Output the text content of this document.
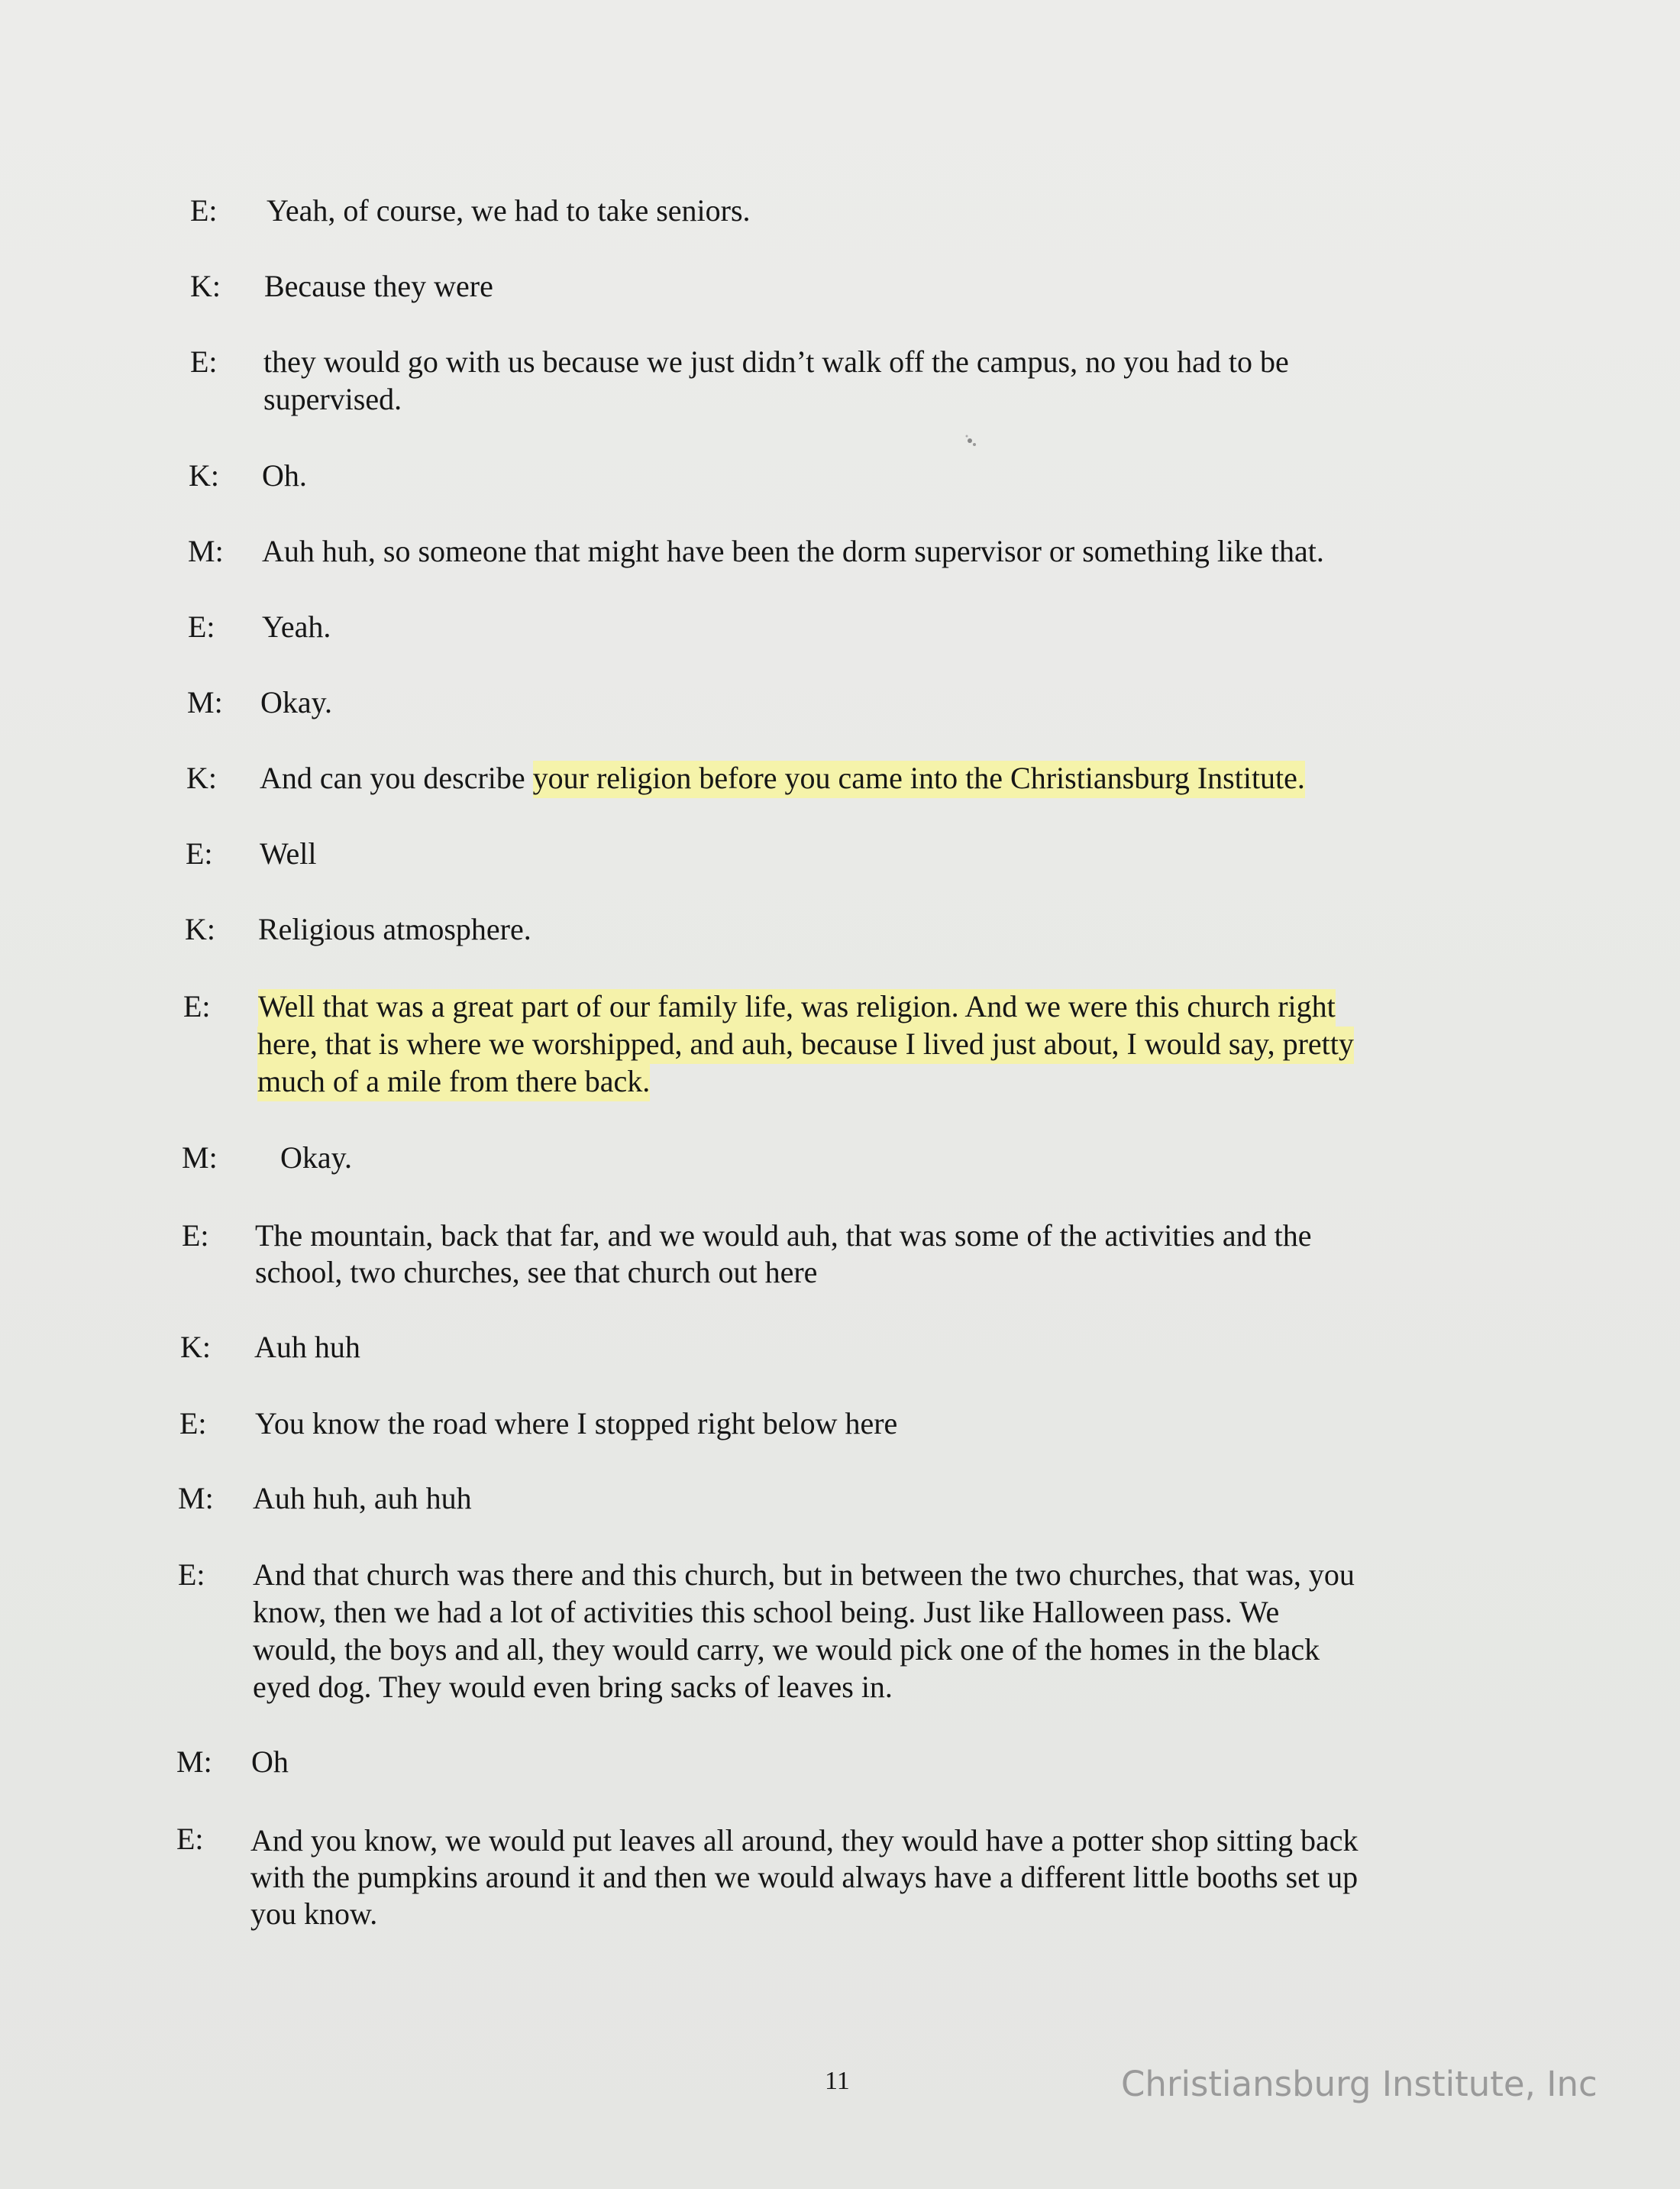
E: Yeah, of course, we had to take seniors.
K: Because they were
E: they would go with us because we just didn’t walk off the campus, no you had to be
supervised.
K: Oh.
M: Auh huh, so someone that might have been the dorm supervisor or something like that.
E: Yeah.
M: Okay.
K: And can you describe your religion before you came into the Christiansburg Institute.
E: Well
K: Religious atmosphere.
E: Well that was a great part of our family life, was religion. And we were this church right
here, that is where we worshipped, and auh, because I lived just about, I would say, pretty
much of a mile from there back.
M: Okay.
E: The mountain, back that far, and we would auh, that was some of the activities and the
school, two churches, see that church out here
K: Auh huh
E: You know the road where I stopped right below here
M: Auh huh, auh huh
E: And that church was there and this church, but in between the two churches, that was, you
know, then we had a lot of activities this school being. Just like Halloween pass. We
would, the boys and all, they would carry, we would pick one of the homes in the black
eyed dog. They would even bring sacks of leaves in.
M: Oh
E: And you know, we would put leaves all around, they would have a potter shop sitting back
with the pumpkins around it and then we would always have a different little booths set up
you know.
11	Christiansburg Institute, Inc
